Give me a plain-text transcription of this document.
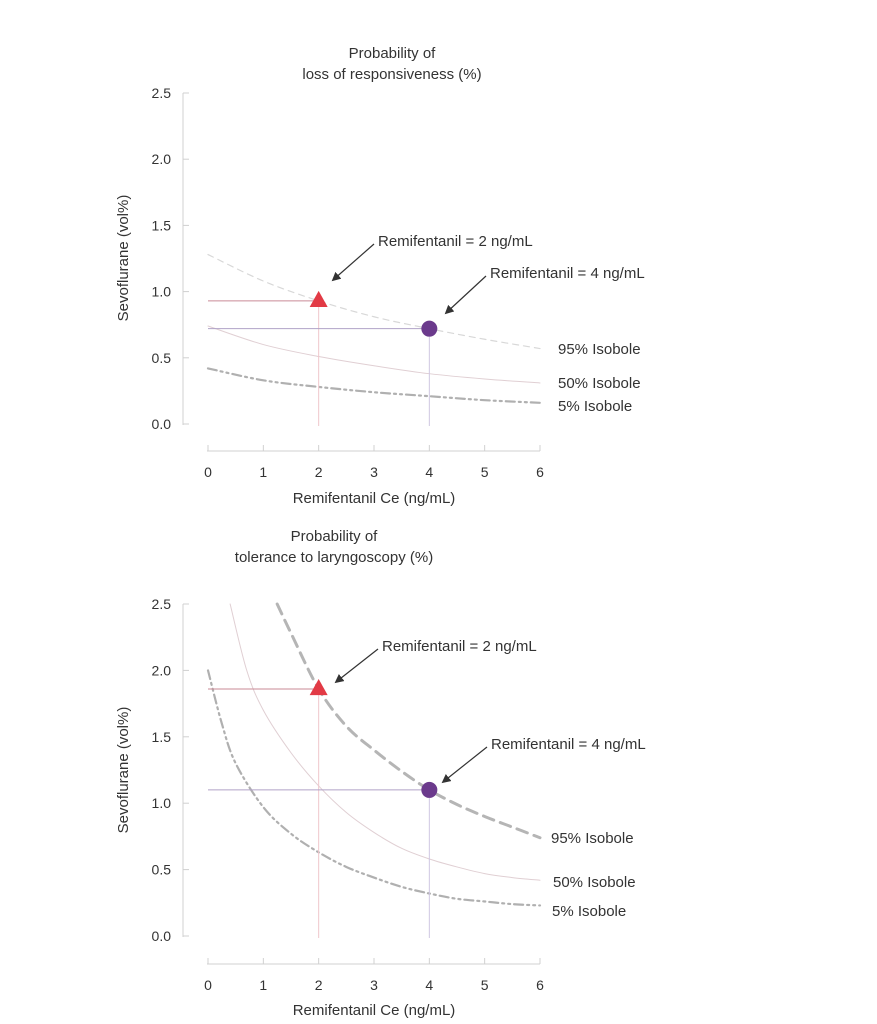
Probability of
loss of responsiveness (%)
2.5
2.0
1.5
1.0
0.5
0.0
0	1	2	3	4	5	6
Remifentanil Ce (ng/mL)
Sevoflurane (vol%)
95% Isobole
50% Isobole
5% Isobole
Remifentanil = 2 ng/mL
Remifentanil = 4 ng/mL
Probability of
tolerance to laryngoscopy (%)
2.5
2.0
1.5
1.0
0.5
0.0
0	1	2	3	4	5	6
Remifentanil Ce (ng/mL)
Sevoflurane (vol%)
95% Isobole
50% Isobole
5% Isobole
Remifentanil = 2 ng/mL
Remifentanil = 4 ng/mL
